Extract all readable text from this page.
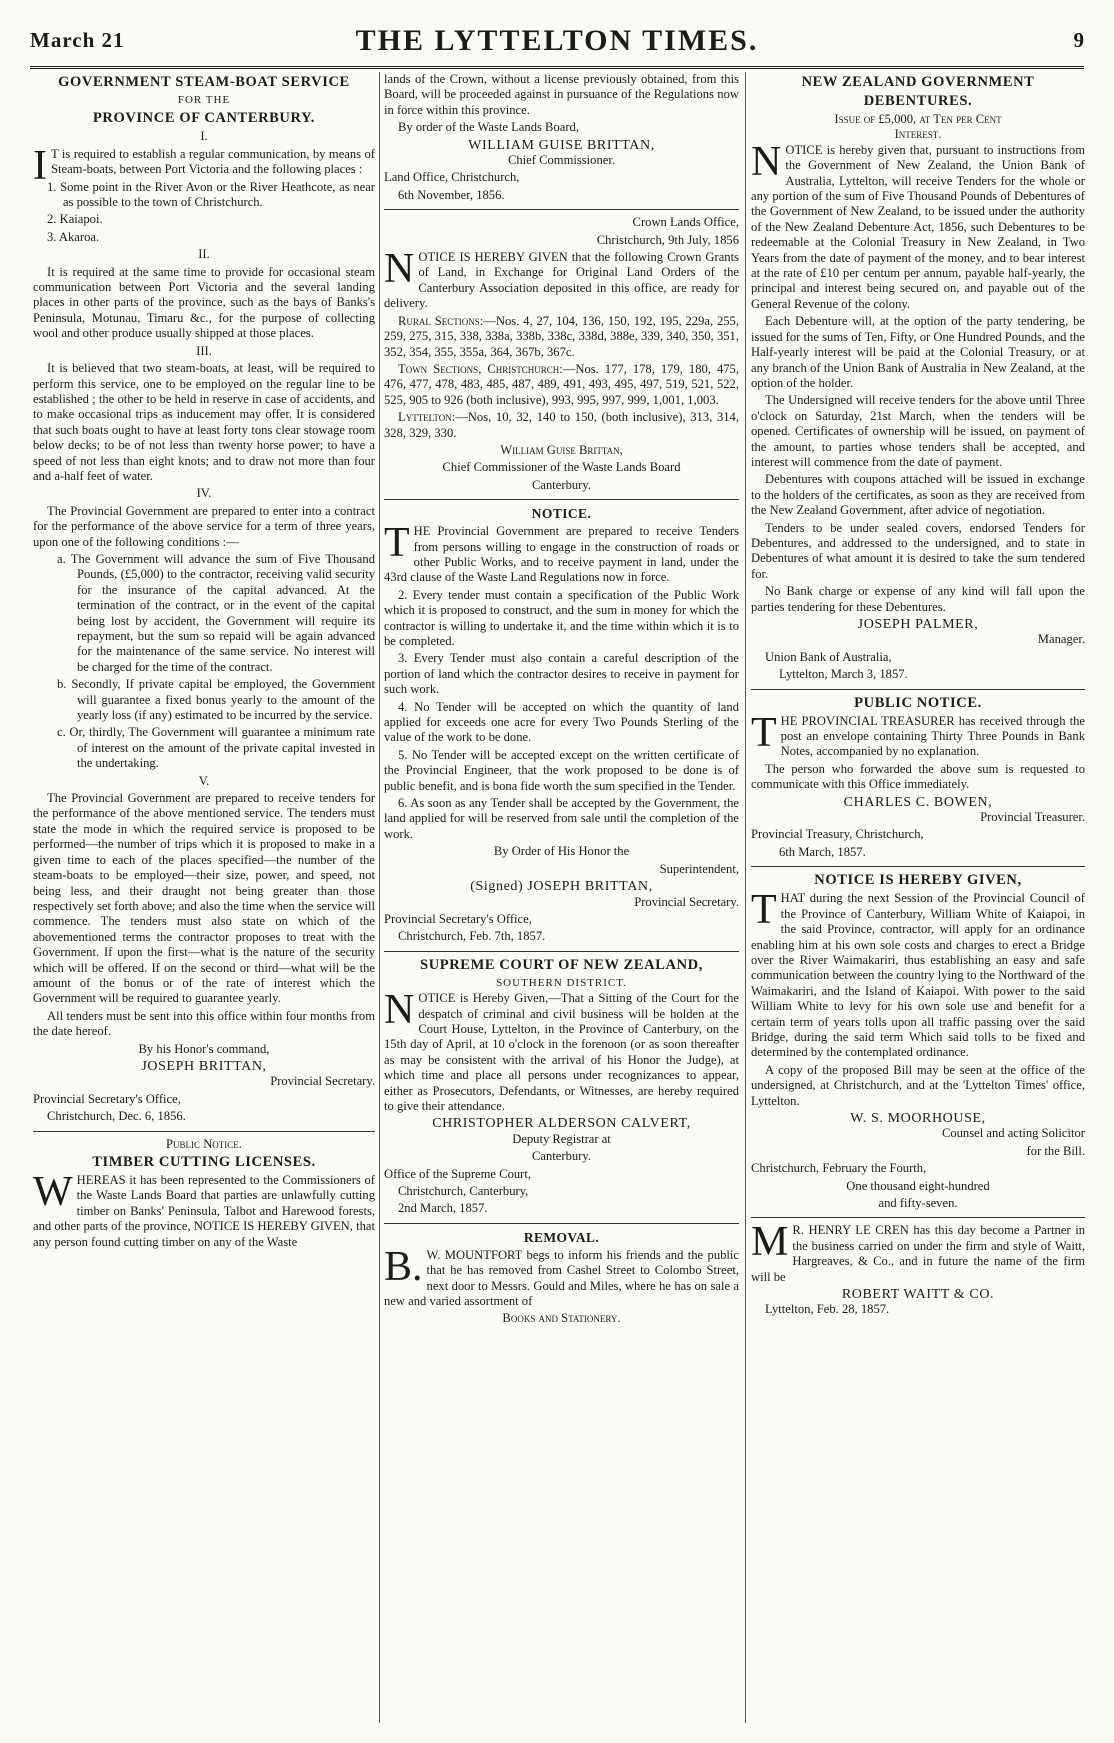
March 21	THE LYTTELTON TIMES.	9
GOVERNMENT STEAM-BOAT SERVICE
FOR THE
PROVINCE OF CANTERBURY.
I.

I T is required to establish a regular communication, by means of Steam-boats, between Port Victoria and the following places :

1. Some point in the River Avon or the River Heathcote, as near as possible to the town of Christchurch.

2. Kaiapoi.

3. Akaroa.

II.

It is required at the same time to provide for occasional steam communication between Port Victoria and the several landing places in other parts of the province, such as the bays of Banks's Peninsula, Motunau, Timaru &c., for the purpose of collecting wool and other produce usually shipped at those places.

III.

It is believed that two steam-boats, at least, will be required to perform this service, one to be employed on the regular line to be established ; the other to be held in reserve in case of accidents, and to make occasional trips as inducement may offer. It is considered that such boats ought to have at least forty tons clear stowage room below decks; to be of not less than twenty horse power; to have a speed of not less than eight knots; and to draw not more than four and a-half feet of water.

IV.

The Provincial Government are prepared to enter into a contract for the performance of the above service for a term of three years, upon one of the following conditions :—

a. The Government will advance the sum of Five Thousand Pounds, (£5,000) to the contractor, receiving valid security for the insurance of the capital advanced. At the termination of the contract, or in the event of the capital being lost by accident, the Government will require its repayment, but the sum so repaid will be again advanced for the maintenance of the same service. No interest will be charged for the time of the contract.

b. Secondly, If private capital be employed, the Government will guarantee a fixed bonus yearly to the amount of the yearly loss (if any) estimated to be incurred by the service.

c. Or, thirdly, The Government will guarantee a minimum rate of interest on the amount of the private capital invested in the undertaking.

V.

The Provincial Government are prepared to receive tenders for the performance of the above mentioned service. The tenders must state the mode in which the required service is proposed to be performed—the number of trips which it is proposed to make in a given time to each of the places specified—the number of the steam-boats to be employed—their size, power, and speed, not being less, and their draught not being greater than those respectively set forth above; and also the time when the service will commence. The tenders must also state on which of the abovementioned terms the contractor proposes to treat with the Government. If upon the first—what is the nature of the security which will be offered. If on the second or third—what will be the amount of the bonus or of the rate of interest which the Government will be required to guarantee yearly.

All tenders must be sent into this office within four months from the date hereof.

By his Honor's command,

JOSEPH BRITTAN,

Provincial Secretary.

Provincial Secretary's Office,

Christchurch, Dec. 6, 1856.

Public Notice.
TIMBER CUTTING LICENSES.

WHEREAS it has been represented to the Commissioners of the Waste Lands Board that parties are unlawfully cutting timber on Banks' Peninsula, Talbot and Harewood forests, and other parts of the province, NOTICE IS HEREBY GIVEN, that any person found cutting timber on any of the Waste

lands of the Crown, without a license previously obtained, from this Board, will be proceeded against in pursuance of the Regulations now in force within this province.

By order of the Waste Lands Board,

WILLIAM GUISE BRITTAN,

Chief Commissioner.

Land Office, Christchurch,

6th November, 1856.

Crown Lands Office,

Christchurch, 9th July, 1856

NOTICE IS HEREBY GIVEN that the following Crown Grants of Land, in Exchange for Original Land Orders of the Canterbury Association deposited in this office, are ready for delivery.

Rural Sections:—Nos. 4, 27, 104, 136, 150, 192, 195, 229a, 255, 259, 275, 315, 338, 338a, 338b, 338c, 338d, 388e, 339, 340, 350, 351, 352, 354, 355, 355a, 364, 367b, 367c.

Town Sections, Christchurch:—Nos. 177, 178, 179, 180, 475, 476, 477, 478, 483, 485, 487, 489, 491, 493, 495, 497, 519, 521, 522, 525, 905 to 926 (both inclusive), 993, 995, 997, 999, 1,001, 1,003.

Lyttelton:—Nos, 10, 32, 140 to 150, (both inclusive), 313, 314, 328, 329, 330.

William Guise Brittan,

Chief Commissioner of the Waste Lands Board

Canterbury.

NOTICE.

THE Provincial Government are prepared to receive Tenders from persons willing to engage in the construction of roads or other Public Works, and to receive payment in land, under the 43rd clause of the Waste Land Regulations now in force.

2. Every tender must contain a specification of the Public Work which it is proposed to construct, and the sum in money for which the contractor is willing to undertake it, and the time within which it is to be completed.

3. Every Tender must also contain a careful description of the portion of land which the contractor desires to receive in payment for such work.

4. No Tender will be accepted on which the quantity of land applied for exceeds one acre for every Two Pounds Sterling of the value of the work to be done.

5. No Tender will be accepted except on the written certificate of the Provincial Engineer, that the work proposed to be done is of public benefit, and is bona fide worth the sum specified in the Tender.

6. As soon as any Tender shall be accepted by the Government, the land applied for will be reserved from sale until the completion of the work.

By Order of His Honor the

Superintendent,

(Signed) JOSEPH BRITTAN,

Provincial Secretary.

Provincial Secretary's Office,

Christchurch, Feb. 7th, 1857.

SUPREME COURT OF NEW ZEALAND,
SOUTHERN DISTRICT.

NOTICE is Hereby Given,—That a Sitting of the Court for the despatch of criminal and civil business will be holden at the Court House, Lyttelton, in the Province of Canterbury, on the 15th day of April, at 10 o'clock in the forenoon (or as soon thereafter as may be consistent with the arrival of his Honor the Judge), at which time and place all persons under recognizances to appear, either as Prosecutors, Defendants, or Witnesses, are hereby required to give their attendance.

CHRISTOPHER ALDERSON CALVERT,

Deputy Registrar at

Canterbury.

Office of the Supreme Court,

Christchurch, Canterbury,

2nd March, 1857.

REMOVAL.

B. W. MOUNTFORT begs to inform his friends and the public that he has removed from Cashel Street to Colombo Street, next door to Messrs. Gould and Miles, where he has on sale a new and varied assortment of

Books and Stationery.

NEW ZEALAND GOVERNMENT
DEBENTURES.
Issue of £5,000, at Ten per Cent
Interest.

NOTICE is hereby given that, pursuant to instructions from the Government of New Zealand, the Union Bank of Australia, Lyttelton, will receive Tenders for the whole or any portion of the sum of Five Thousand Pounds of Debentures of the Government of New Zealand, to be issued under the authority of the New Zealand Debenture Act, 1856, such Debentures to be redeemable at the Colonial Treasury in New Zealand, in Two Years from the date of payment of the money, and to bear interest at the rate of £10 per centum per annum, payable half-yearly, the principal and interest being secured on, and payable out of the General Revenue of the colony.

Each Debenture will, at the option of the party tendering, be issued for the sums of Ten, Fifty, or One Hundred Pounds, and the Half-yearly interest will be paid at the Colonial Treasury, or at any branch of the Union Bank of Australia in New Zealand, at the option of the holder.

The Undersigned will receive tenders for the above until Three o'clock on Saturday, 21st March, when the tenders will be opened. Certificates of ownership will be issued, on payment of the amount, to parties whose tenders shall be accepted, and interest will commence from the date of payment.

Debentures with coupons attached will be issued in exchange to the holders of the certificates, as soon as they are received from the New Zealand Government, after advice of negotiation.

Tenders to be under sealed covers, endorsed Tenders for Debentures, and addressed to the undersigned, and to state in Debentures of what amount it is desired to take the sum tendered for.

No Bank charge or expense of any kind will fall upon the parties tendering for these Debentures.

JOSEPH PALMER,

Manager.

Union Bank of Australia,

Lyttelton, March 3, 1857.

PUBLIC NOTICE.

THE PROVINCIAL TREASURER has received through the post an envelope containing Thirty Three Pounds in Bank Notes, accompanied by no explanation.

The person who forwarded the above sum is requested to communicate with this Office immediately.

CHARLES C. BOWEN,

Provincial Treasurer.

Provincial Treasury, Christchurch,

6th March, 1857.

NOTICE IS HEREBY GIVEN,

THAT during the next Session of the Provincial Council of the Province of Canterbury, William White of Kaiapoi, in the said Province, contractor, will apply for an ordinance enabling him at his own sole costs and charges to erect a Bridge over the River Waimakariri, thus establishing an easy and safe communication between the country lying to the Northward of the Waimakariri, and the Island of Kaiapoi. With power to the said William White to levy for his own sole use and benefit for a certain term of years tolls upon all traffic passing over the said Bridge, during the said term Which said tolls to be fixed and determined by the contemplated ordinance.

A copy of the proposed Bill may be seen at the office of the undersigned, at Christchurch, and at the 'Lyttelton Times' office, Lyttelton.

W. S. MOORHOUSE,

Counsel and acting Solicitor

for the Bill.

Christchurch, February the Fourth,

One thousand eight-hundred

and fifty-seven.

M R. HENRY LE CREN has this day become a Partner in the business carried on under the firm and style of Waitt, Hargreaves, & Co., and in future the name of the firm will be

ROBERT WAITT & CO.

Lyttelton, Feb. 28, 1857.
